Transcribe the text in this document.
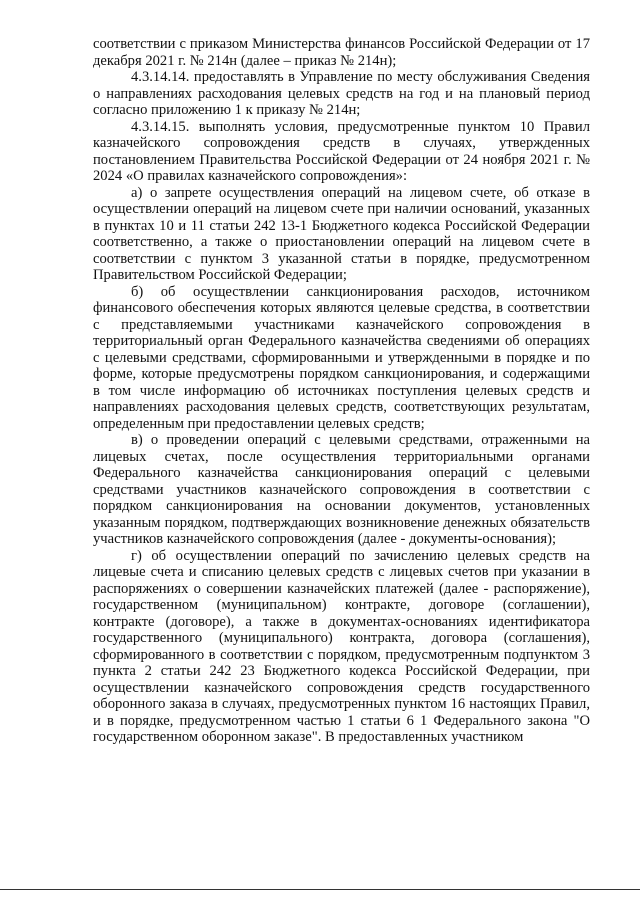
соответствии с приказом Министерства финансов Российской Федерации от 17 декабря 2021 г. № 214н (далее – приказ № 214н);

4.3.14.14. предоставлять в Управление по месту обслуживания Сведения о направлениях расходования целевых средств на год и на плановый период согласно приложению 1 к приказу № 214н;

4.3.14.15. выполнять условия, предусмотренные пунктом 10 Правил казначейского сопровождения средств в случаях, утвержденных постановлением Правительства Российской Федерации от 24 ноября 2021 г. № 2024 «О правилах казначейского сопровождения»:

а) о запрете осуществления операций на лицевом счете, об отказе в осуществлении операций на лицевом счете при наличии оснований, указанных в пунктах 10 и 11 статьи 242 13-1 Бюджетного кодекса Российской Федерации соответственно, а также о приостановлении операций на лицевом счете в соответствии с пунктом 3 указанной статьи в порядке, предусмотренном Правительством Российской Федерации;

б) об осуществлении санкционирования расходов, источником финансового обеспечения которых являются целевые средства, в соответствии с представляемыми участниками казначейского сопровождения в территориальный орган Федерального казначейства сведениями об операциях с целевыми средствами, сформированными и утвержденными в порядке и по форме, которые предусмотрены порядком санкционирования, и содержащими в том числе информацию об источниках поступления целевых средств и направлениях расходования целевых средств, соответствующих результатам, определенным при предоставлении целевых средств;

в) о проведении операций с целевыми средствами, отраженными на лицевых счетах, после осуществления территориальными органами Федерального казначейства санкционирования операций с целевыми средствами участников казначейского сопровождения в соответствии с порядком санкционирования на основании документов, установленных указанным порядком, подтверждающих возникновение денежных обязательств участников казначейского сопровождения (далее - документы-основания);

г) об осуществлении операций по зачислению целевых средств на лицевые счета и списанию целевых средств с лицевых счетов при указании в распоряжениях о совершении казначейских платежей (далее - распоряжение), государственном (муниципальном) контракте, договоре (соглашении), контракте (договоре), а также в документах-основаниях идентификатора государственного (муниципального) контракта, договора (соглашения), сформированного в соответствии с порядком, предусмотренным подпунктом 3 пункта 2 статьи 242 23 Бюджетного кодекса Российской Федерации, при осуществлении казначейского сопровождения средств государственного оборонного заказа в случаях, предусмотренных пунктом 16 настоящих Правил, и в порядке, предусмотренном частью 1 статьи 6 1 Федерального закона "О государственном оборонном заказе". В предоставленных участником
